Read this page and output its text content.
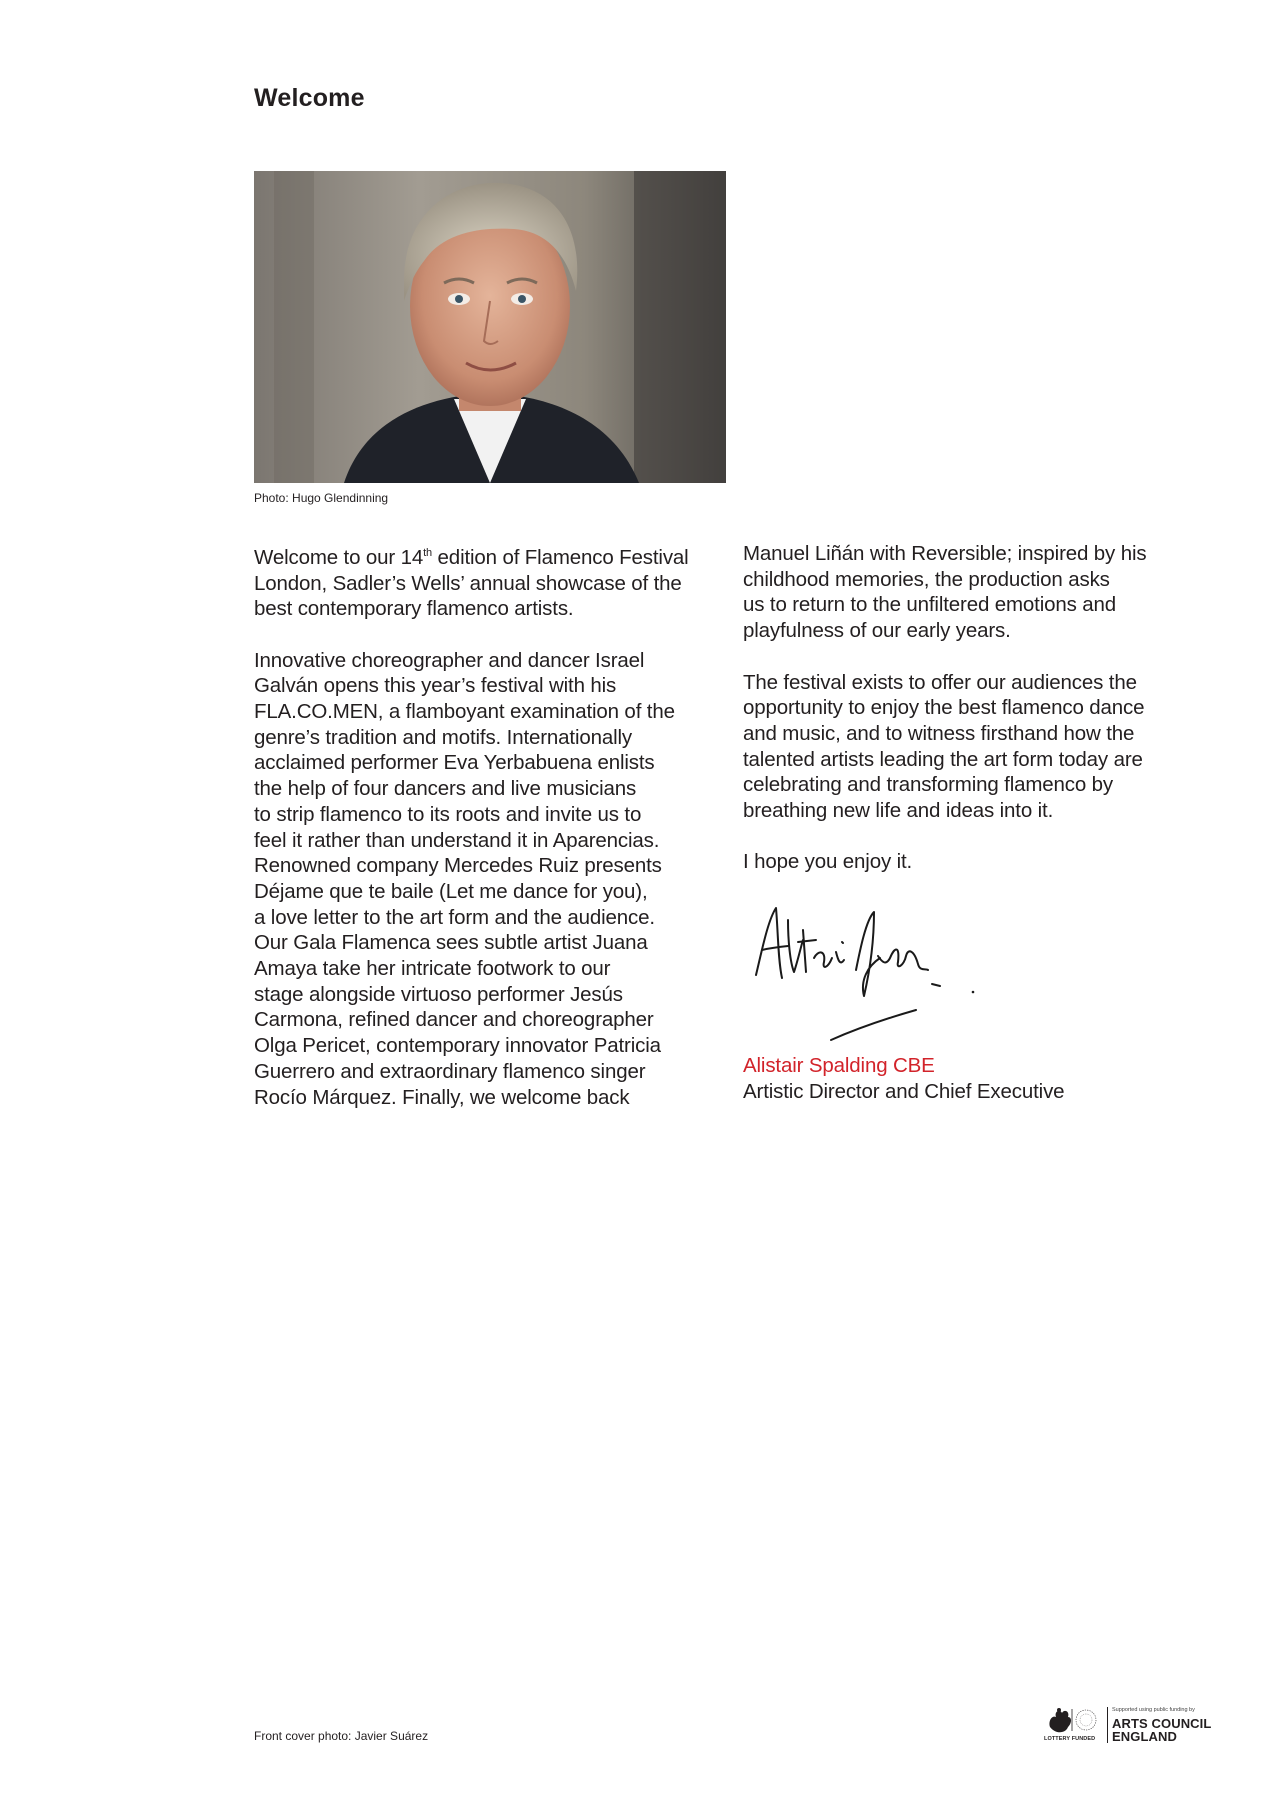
Welcome
Photo: Hugo Glendinning

Welcome to our 14th edition of Flamenco Festival
London, Sadler’s Wells’ annual showcase of the
best contemporary flamenco artists.

Innovative choreographer and dancer Israel
Galván opens this year’s festival with his
FLA.CO.MEN, a flamboyant examination of the
genre’s tradition and motifs. Internationally
acclaimed performer Eva Yerbabuena enlists
the help of four dancers and live musicians
to strip flamenco to its roots and invite us to
feel it rather than understand it in Aparencias.
Renowned company Mercedes Ruiz presents
Déjame que te baile (Let me dance for you),
a love letter to the art form and the audience.
Our Gala Flamenca sees subtle artist Juana
Amaya take her intricate footwork to our
stage alongside virtuoso performer Jesús
Carmona, refined dancer and choreographer
Olga Pericet, contemporary innovator Patricia
Guerrero and extraordinary flamenco singer
Rocío Márquez. Finally, we welcome back

Manuel Liñán with Reversible; inspired by his
childhood memories, the production asks
us to return to the unfiltered emotions and
playfulness of our early years.

The festival exists to offer our audiences the
opportunity to enjoy the best flamenco dance
and music, and to witness firsthand how the
talented artists leading the art form today are
celebrating and transforming flamenco by
breathing new life and ideas into it.

I hope you enjoy it.

Alistair Spalding CBE
Artistic Director and Chief Executive
Front cover photo: Javier Suárez	LOTTERY FUNDED
Supported using public funding by
ARTS COUNCIL
ENGLAND
